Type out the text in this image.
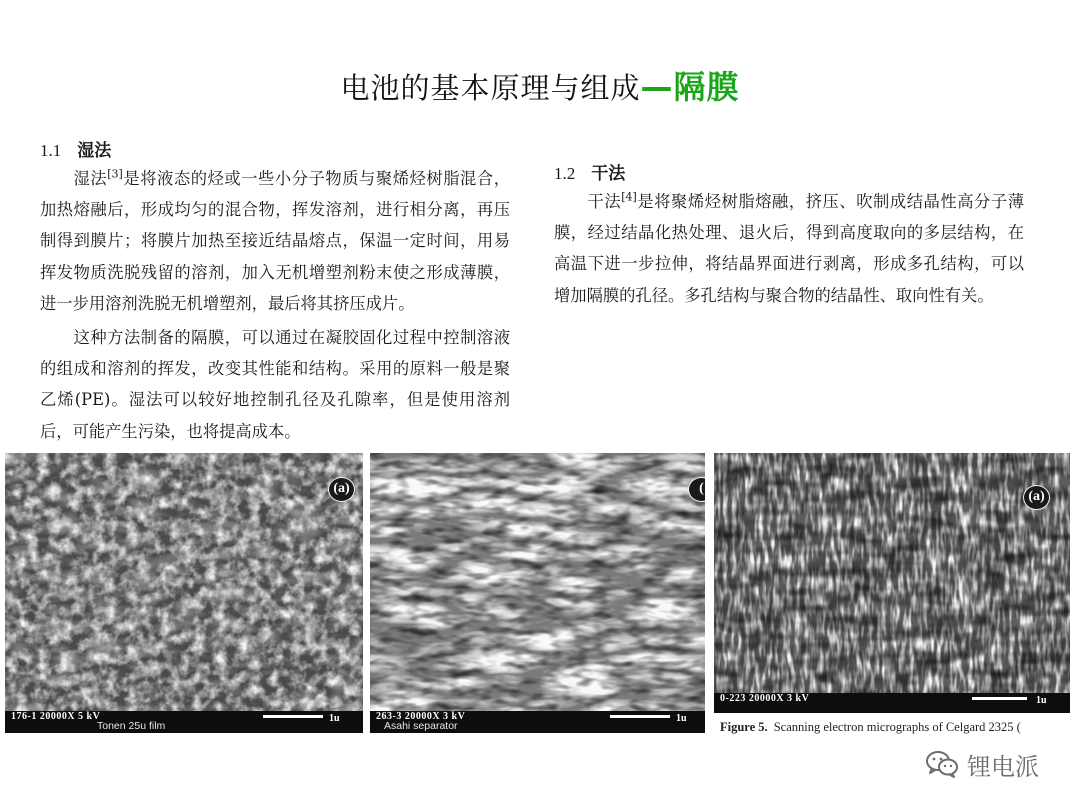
电池的基本原理与组成—隔膜
1.1 湿法

湿法[3]是将液态的烃或一些小分子物质与聚烯烃树脂混合，加热熔融后，形成均匀的混合物，挥发溶剂，进行相分离，再压制得到膜片；将膜片加热至接近结晶熔点，保温一定时间，用易挥发物质洗脱残留的溶剂，加入无机增塑剂粉末使之形成薄膜，进一步用溶剂洗脱无机增塑剂，最后将其挤压成片。

这种方法制备的隔膜，可以通过在凝胶固化过程中控制溶液的组成和溶剂的挥发，改变其性能和结构。采用的原料一般是聚乙烯(PE)。湿法可以较好地控制孔径及孔隙率，但是使用溶剂后，可能产生污染，也将提高成本。

1.2 干法

干法[4]是将聚烯烃树脂熔融，挤压、吹制成结晶性高分子薄膜，经过结晶化热处理、退火后，得到高度取向的多层结构，在高温下进一步拉伸，将结晶界面进行剥离，形成多孔结构，可以增加隔膜的孔径。多孔结构与聚合物的结晶性、取向性有关。

(a)
176-1 20000X 5 kV
Tonen 25u film
1u
(
263-3 20000X 3 kV
Asahi separator
1u
(a)
0-223 20000X 3 kV	1u
Figure 5. Scanning electron micrographs of Celgard 2325 (
锂电派
